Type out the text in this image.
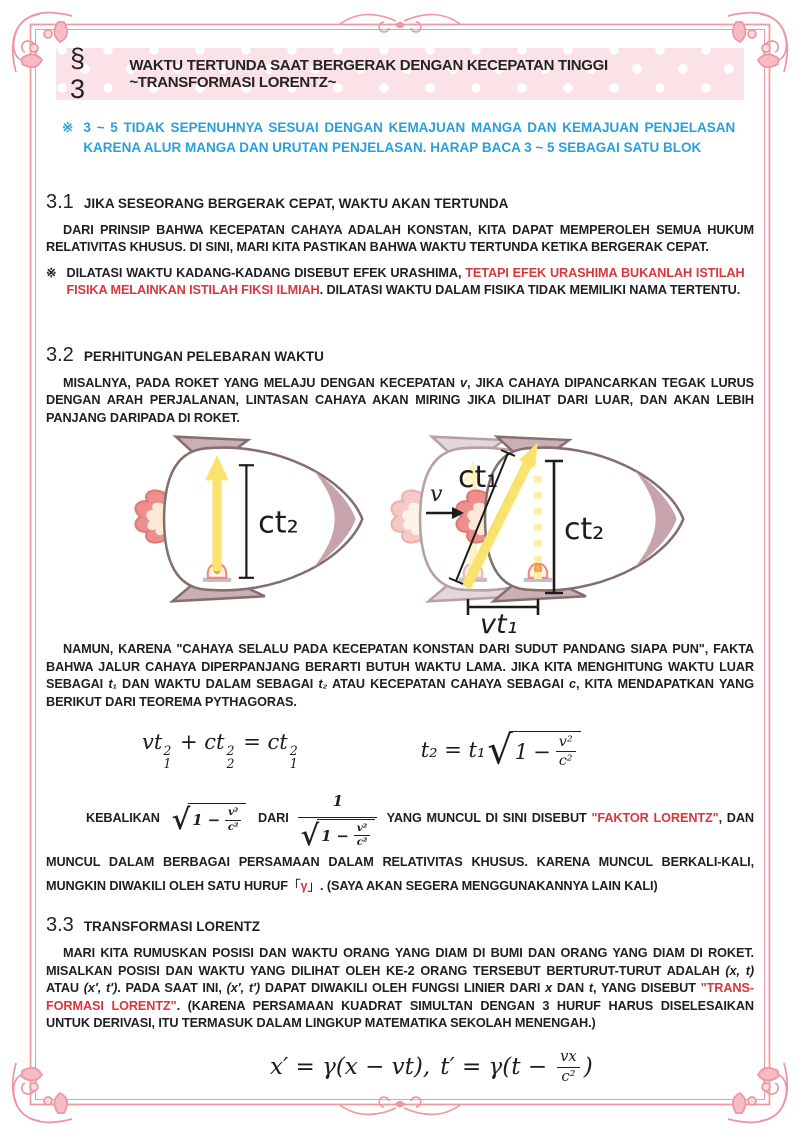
§ 3
WAKTU TERTUNDA SAAT BERGERAK DENGAN KECEPATAN TINGGI ~TRANSFORMASI LORENTZ~
※ 3 ~ 5 TIDAK SEPENUHNYA SESUAI DENGAN KEMAJUAN MANGA DAN KEMAJUAN PENJELASAN KARENA ALUR MANGA DAN URUTAN PENJELASAN. HARAP BACA 3 ~ 5 SEBAGAI SATU BLOK
3.1 JIKA SESEORANG BERGERAK CEPAT, WAKTU AKAN TERTUNDA

DARI PRINSIP BAHWA KECEPATAN CAHAYA ADALAH KONSTAN, KITA DAPAT MEMPEROLEH SEMUA HUKUM RELATIVITAS KHUSUS. DI SINI, MARI KITA PASTIKAN BAHWA WAKTU TERTUNDA KETIKA BERGERAK CEPAT.

※ DILATASI WAKTU KADANG-KADANG DISEBUT EFEK URASHIMA, TETAPI EFEK URASHIMA BUKANLAH ISTILAH FISIKA MELAINKAN ISTILAH FIKSI ILMIAH. DILATASI WAKTU DALAM FISIKA TIDAK MEMILIKI NAMA TERTENTU.
3.2 PERHITUNGAN PELEBARAN WAKTU

MISALNYA, PADA ROKET YANG MELAJU DENGAN KECEPATAN v, JIKA CAHAYA DIPANCARKAN TEGAK LURUS DENGAN ARAH PERJALANAN, LINTASAN CAHAYA AKAN MIRING JIKA DILIHAT DARI LUAR, DAN AKAN LEBIH PANJANG DARIPADA DI ROKET.

ct₂
v ct₁
ct₂
vt₁

NAMUN, KARENA "CAHAYA SELALU PADA KECEPATAN KONSTAN DARI SUDUT PANDANG SIAPA PUN", FAKTA BAHWA JALUR CAHAYA DIPERPANJANG BERARTI BUTUH WAKTU LAMA. JIKA KITA MENGHITUNG WAKTU LUAR SEBAGAI t₁ DAN WAKTU DALAM SEBAGAI t₂ ATAU KECEPATAN CAHAYA SEBAGAI c, KITA MENDAPATKAN YANG BERIKUT DARI TEOREMA PYTHAGORAS.

vt 2
1
+ ct 2
2
= ct 2
1
t₂ = t₁ √ $1 - \frac{\text{v²}}{\text{c²}}$

KEBALIKAN √ $1 - \frac{\text{v²}}{\text{c²}}$ DARI
1
√ $1 - \frac{\text{v²}}{\text{c²}}$
YANG MUNCUL DI SINI DISEBUT "FAKTOR LORENTZ", DAN MUNCUL DALAM BERBAGAI PERSAMAAN DALAM RELATIVITAS KHUSUS. KARENA MUNCUL BERKALI-KALI, MUNGKIN DIWAKILI OLEH SATU HURUF「γ」. (SAYA AKAN SEGERA MENGGUNAKANNYA LAIN KALI)

3.3 TRANSFORMASI LORENTZ

MARI KITA RUMUSKAN POSISI DAN WAKTU ORANG YANG DIAM DI BUMI DAN ORANG YANG DIAM DI ROKET. MISALKAN POSISI DAN WAKTU YANG DILIHAT OLEH KE-2 ORANG TERSEBUT BERTURUT-TURUT ADALAH (x, t) ATAU (x′, t′). PADA SAAT INI, (x′, t′) DAPAT DIWAKILI OLEH FUNGSI LINIER DARI x DAN t, YANG DISEBUT "TRANS-FORMASI LORENTZ". (KARENA PERSAMAAN KUADRAT SIMULTAN DENGAN 3 HURUF HARUS DISELESAIKAN UNTUK DERIVASI, ITU TERMASUK DALAM LINGKUP MATEMATIKA SEKOLAH MENENGAH.)

x′ = γ(x − vt), $t' = \gamma(t - \frac{vx}{\text{c²}}$ )
